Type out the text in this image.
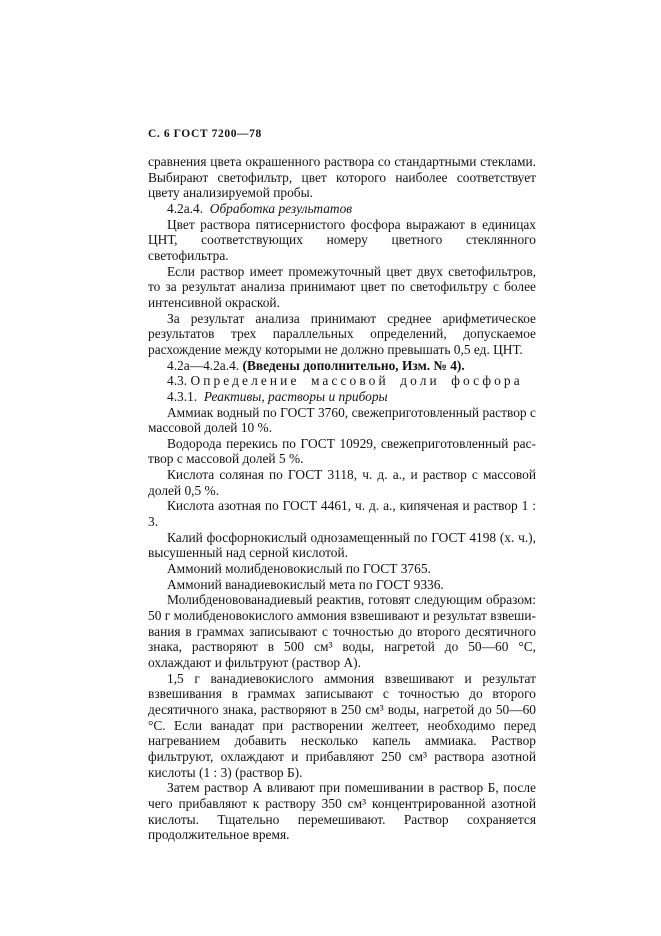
С. 6 ГОСТ 7200—78

сравнения цвета окрашенного раствора со стандартными стеклами. Выбирают светофильтр, цвет которого наиболее соответствует цвету анализируемой пробы.

4.2а.4.  Обработка результатов

Цвет раствора пятисернистого фосфора выражают в единицах ЦНТ, соответствующих номеру цветного стеклянного светофильтра.

Если раствор имеет промежуточный цвет двух светофильтров, то за результат анализа принимают цвет по светофильтру с более интенсивной окраской.

За результат анализа принимают среднее арифметическое результатов трех параллельных определений, допускаемое расхождение между которыми не должно превышать 0,5 ед. ЦНТ.

4.2а—4.2а.4. (Введены дополнительно, Изм. № 4).

4.3. Определение массовой доли фосфора

4.3.1.  Реактивы, растворы и приборы

Аммиак водный по ГОСТ 3760, свежеприготовленный раствор с массовой долей 10 %.

Водорода перекись по ГОСТ 10929, свежеприготовленный раствор с массовой долей 5 %.

Кислота соляная по ГОСТ 3118, ч. д. а., и раствор с массовой долей 0,5 %.

Кислота азотная по ГОСТ 4461, ч. д. а., кипяченая и раствор 1 : 3.

Калий фосфорнокислый однозамещенный по ГОСТ 4198 (х. ч.), высушенный над серной кислотой.

Аммоний молибденовокислый по ГОСТ 3765.

Аммоний ванадиевокислый мета по ГОСТ 9336.

Молибденовованадиевый реактив, готовят следующим образом: 50 г молибденовокислого аммония взвешивают и результат взвешивания в граммах записывают с точностью до второго десятичного знака, растворяют в 500 см³ воды, нагретой до 50—60 °С, охлаждают и фильтруют (раствор А).

1,5 г ванадиевокислого аммония взвешивают и результат взвешивания в граммах записывают с точностью до второго десятичного знака, растворяют в 250 см³ воды, нагретой до 50—60 °С. Если ванадат при растворении желтеет, необходимо перед нагреванием добавить несколько капель аммиака. Раствор фильтруют, охлаждают и прибавляют 250 см³ раствора азотной кислоты (1 : 3) (раствор Б).

Затем раствор А вливают при помешивании в раствор Б, после чего прибавляют к раствору 350 см³ концентрированной азотной кислоты. Тщательно перемешивают. Раствор сохраняется продолжительное время.
